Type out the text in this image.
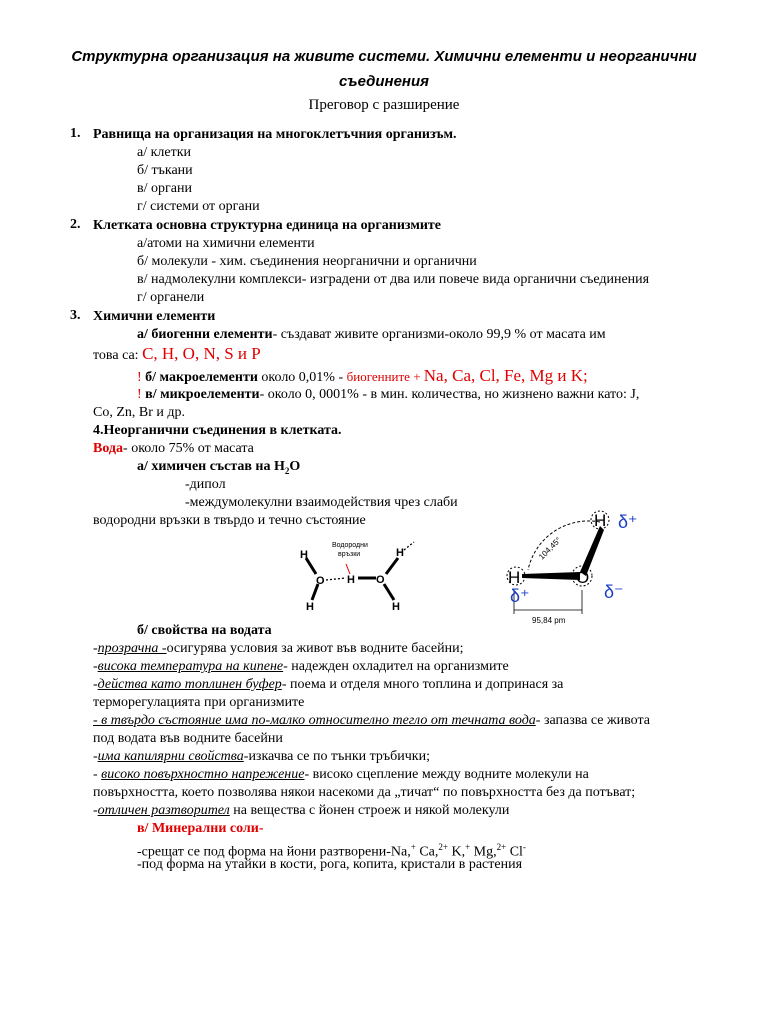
Структурна организация на живите системи. Химични елементи и неорганични съединения
Преговор с разширение
1. Равнища на организация на многоклетъчния организъм.
а/ клетки
б/ тъкани
в/ органи
г/ системи от органи
2. Клетката основна структурна единица на организмите
а/атоми на химични елементи
б/ молекули - хим. съединения неорганични и органични
в/ надмолекулни комплекси- изградени от два или повече вида органични съединения
г/ органели
3. Химични елементи
а/ биогенни елементи- създават живите организми-около 99,9 % от масата им
това са: C, H, O, N, S и P
! б/ макроелементи около 0,01% - биогенните + Na, Ca, Cl, Fe, Mg и K;
! в/ микроелементи- около 0, 0001% - в мин. количества, но жизнено важни като: J,
Co, Zn, Br и др.
4.Неорганични съединения в клетката.
Вода- около 75% от масата
а/ химичен състав на $H_2O$
-дипол
-междумолекулни взаимодействия чрез слаби
водородни връзки в твърдо и течно състояние
H
O
H
H O
H
H
Водородни
връзки
H
H	O
δ⁺
δ⁺	δ⁻
104,45°
95,84 pm
б/ свойства на водата
-прозрачна -осигурява условия за живот във водните басейни;
-висока температура на кипене- надежден охладител на организмите
-действа като топлинен буфер- поема и отделя много топлина и допринася за
терморегулацията при организмите
- в твърдо състояние има по-малко относително тегло от течната вода- запазва се живота
под водата във водните басейни
-има капилярни свойства-изкачва се по тънки тръбички;
- високо повърхностно напрежение- високо сцепление между водните молекули на
повърхността, което позволява някои насекоми да „тичат“ по повърхността без да потъват;
-отличен разтворител на вещества с йонен строеж и някой молекули
в/ Минерални соли-
-срещат се под форма на йони разтворени-Na,+ Ca,$^{2+}$ K,+ Mg,$^{2+}$ Cl-
-под форма на утайки в кости, рога, копита, кристали в растения
